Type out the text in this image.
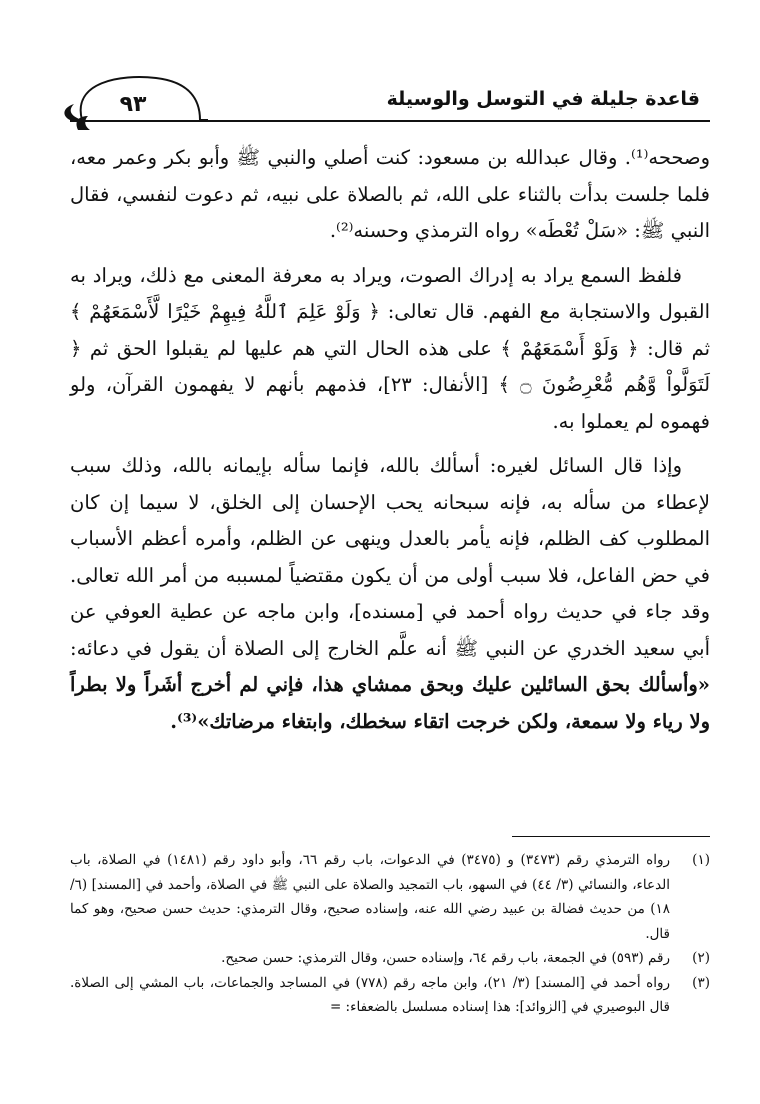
قاعدة جليلة في التوسل والوسيلة
٩٣

وصححه⁽¹⁾. وقال عبدالله بن مسعود: كنت أصلي والنبي ﷺ وأبو بكر وعمر معه، فلما جلست بدأت بالثناء على الله، ثم بالصلاة على نبيه، ثم دعوت لنفسي، فقال النبي ﷺ: «سَلْ تُعْطَه» رواه الترمذي وحسنه⁽²⁾.

فلفظ السمع يراد به إدراك الصوت، ويراد به معرفة المعنى مع ذلك، ويراد به القبول والاستجابة مع الفهم. قال تعالى: ﴿ وَلَوْ عَلِمَ ٱللَّهُ فِيهِمْ خَيْرًا لَّأَسْمَعَهُمْ ﴾ ثم قال: ﴿ وَلَوْ أَسْمَعَهُمْ ﴾ على هذه الحال التي هم عليها لم يقبلوا الحق ثم ﴿ لَتَوَلَّواْ وَّهُم مُّعْرِضُونَ ۝ ﴾ [الأنفال: ٢٣]، فذمهم بأنهم لا يفهمون القرآن، ولو فهموه لم يعملوا به.

وإذا قال السائل لغيره: أسألك بالله، فإنما سأله بإيمانه بالله، وذلك سبب لإعطاء من سأله به، فإنه سبحانه يحب الإحسان إلى الخلق، لا سيما إن كان المطلوب كف الظلم، فإنه يأمر بالعدل وينهى عن الظلم، وأمره أعظم الأسباب في حض الفاعل، فلا سبب أولى من أن يكون مقتضياً لمسببه من أمر الله تعالى. وقد جاء في حديث رواه أحمد في [مسنده]، وابن ماجه عن عطية العوفي عن أبي سعيد الخدري عن النبي ﷺ أنه علَّم الخارج إلى الصلاة أن يقول في دعائه: «وأسألك بحق السائلين عليك وبحق ممشاي هذا، فإني لم أخرج أشَراً ولا بطراً ولا رياء ولا سمعة، ولكن خرجت اتقاء سخطك، وابتغاء مرضاتك»⁽³⁾.

(١)
رواه الترمذي رقم (٣٤٧٣) و (٣٤٧٥) في الدعوات، باب رقم ٦٦، وأبو داود رقم (١٤٨١) في الصلاة، باب الدعاء، والنسائي (٣/ ٤٤) في السهو، باب التمجيد والصلاة على النبي ﷺ في الصلاة، وأحمد في [المسند] (٦/ ١٨) من حديث فضالة بن عبيد رضي الله عنه، وإسناده صحيح، وقال الترمذي: حديث حسن صحيح، وهو كما قال.

(٢)
رقم (٥٩٣) في الجمعة، باب رقم ٦٤، وإسناده حسن، وقال الترمذي: حسن صحيح.

(٣)
رواه أحمد في [المسند] (٣/ ٢١)، وابن ماجه رقم (٧٧٨) في المساجد والجماعات، باب المشي إلى الصلاة. قال البوصيري في [الزوائد]: هذا إسناده مسلسل بالضعفاء: =
